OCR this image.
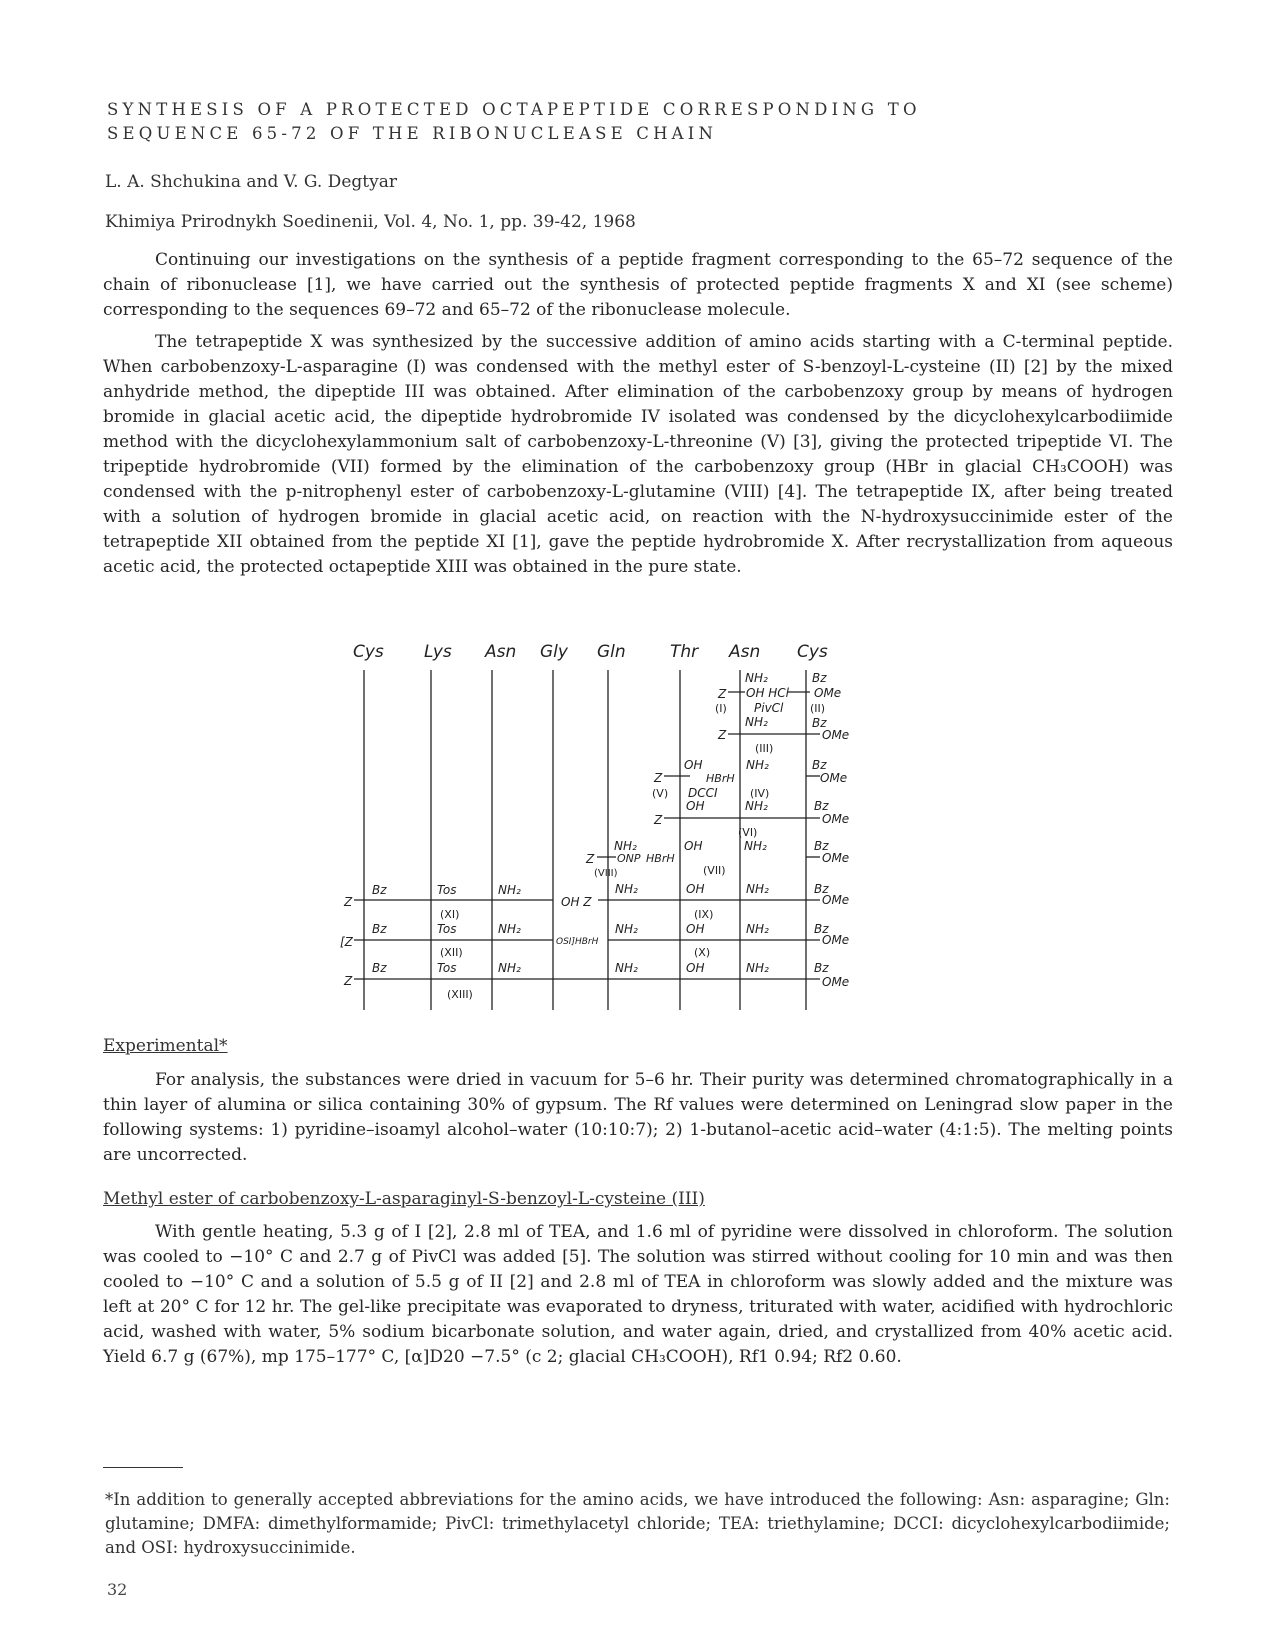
SYNTHESIS OF A PROTECTED OCTAPEPTIDE CORRESPONDING TO
SEQUENCE 65-72 OF THE RIBONUCLEASE CHAIN
L. A. Shchukina and V. G. Degtyar
Khimiya Prirodnykh Soedinenii, Vol. 4, No. 1, pp. 39-42, 1968
Continuing our investigations on the synthesis of a peptide fragment corresponding to the 65–72 sequence of the chain of ribonuclease [1], we have carried out the synthesis of protected peptide fragments X and XI (see scheme) corresponding to the sequences 69–72 and 65–72 of the ribonuclease molecule.
The tetrapeptide X was synthesized by the successive addition of amino acids starting with a C-terminal peptide. When carbobenzoxy-L-asparagine (I) was condensed with the methyl ester of S-benzoyl-L-cysteine (II) [2] by the mixed anhydride method, the dipeptide III was obtained. After elimination of the carbobenzoxy group by means of hydrogen bromide in glacial acetic acid, the dipeptide hydrobromide IV isolated was condensed by the dicyclohexylcarbodiimide method with the dicyclohexylammonium salt of carbobenzoxy-L-threonine (V) [3], giving the protected tripeptide VI. The tripeptide hydrobromide (VII) formed by the elimination of the carbobenzoxy group (HBr in glacial CH₃COOH) was condensed with the p-nitrophenyl ester of carbobenzoxy-L-glutamine (VIII) [4]. The tetrapeptide IX, after being treated with a solution of hydrogen bromide in glacial acetic acid, on reaction with the N-hydroxysuccinimide ester of the tetrapeptide XII obtained from the peptide XI [1], gave the peptide hydrobromide X. After recrystallization from aqueous acetic acid, the protected octapeptide XIII was obtained in the pure state.
Cys Lys Asn Gly Gln	Thr Asn Cys
NH₂
Z OH HCl
PivCl
(I)
Bz
OMe
(II)
NH₂
Z
Bz
OMe
(III)
OH	NH₂
Z	HBrH
Bz
OMe
(V) DCCI	(IV)
OH	NH₂
Z
Bz
OMe
(VI)
NH₂	OH	NH₂	Bz
Z ONP HBrH	OMe
(VIII)	(VII)
Bz	Tos	NH₂	NH₂	OH	NH₂	Bz
Z	OH Z	OMe
(XI)	(IX)
Bz	Tos	NH₂	NH₂	OH	NH₂	Bz
[Z	OSI]HBrH	OMe
(XII)	(X)
Bz	Tos	NH₂	NH₂	OH	NH₂	Bz
Z	OMe
(XIII)
Experimental*
For analysis, the substances were dried in vacuum for 5–6 hr. Their purity was determined chromatographically in a thin layer of alumina or silica containing 30% of gypsum. The Rf values were determined on Leningrad slow paper in the following systems: 1) pyridine–isoamyl alcohol–water (10:10:7); 2) 1-butanol–acetic acid–water (4:1:5). The melting points are uncorrected.
Methyl ester of carbobenzoxy-L-asparaginyl-S-benzoyl-L-cysteine (III)
With gentle heating, 5.3 g of I [2], 2.8 ml of TEA, and 1.6 ml of pyridine were dissolved in chloroform. The solution was cooled to −10° C and 2.7 g of PivCl was added [5]. The solution was stirred without cooling for 10 min and was then cooled to −10° C and a solution of 5.5 g of II [2] and 2.8 ml of TEA in chloroform was slowly added and the mixture was left at 20° C for 12 hr. The gel-like precipitate was evaporated to dryness, triturated with water, acidified with hydrochloric acid, washed with water, 5% sodium bicarbonate solution, and water again, dried, and crystallized from 40% acetic acid. Yield 6.7 g (67%), mp 175–177° C, [α]D20 −7.5° (c 2; glacial CH₃COOH), Rf1 0.94; Rf2 0.60.
*In addition to generally accepted abbreviations for the amino acids, we have introduced the following: Asn: asparagine; Gln: glutamine; DMFA: dimethylformamide; PivCl: trimethylacetyl chloride; TEA: triethylamine; DCCI: dicyclohexylcarbodiimide; and OSI: hydroxysuccinimide.
32
